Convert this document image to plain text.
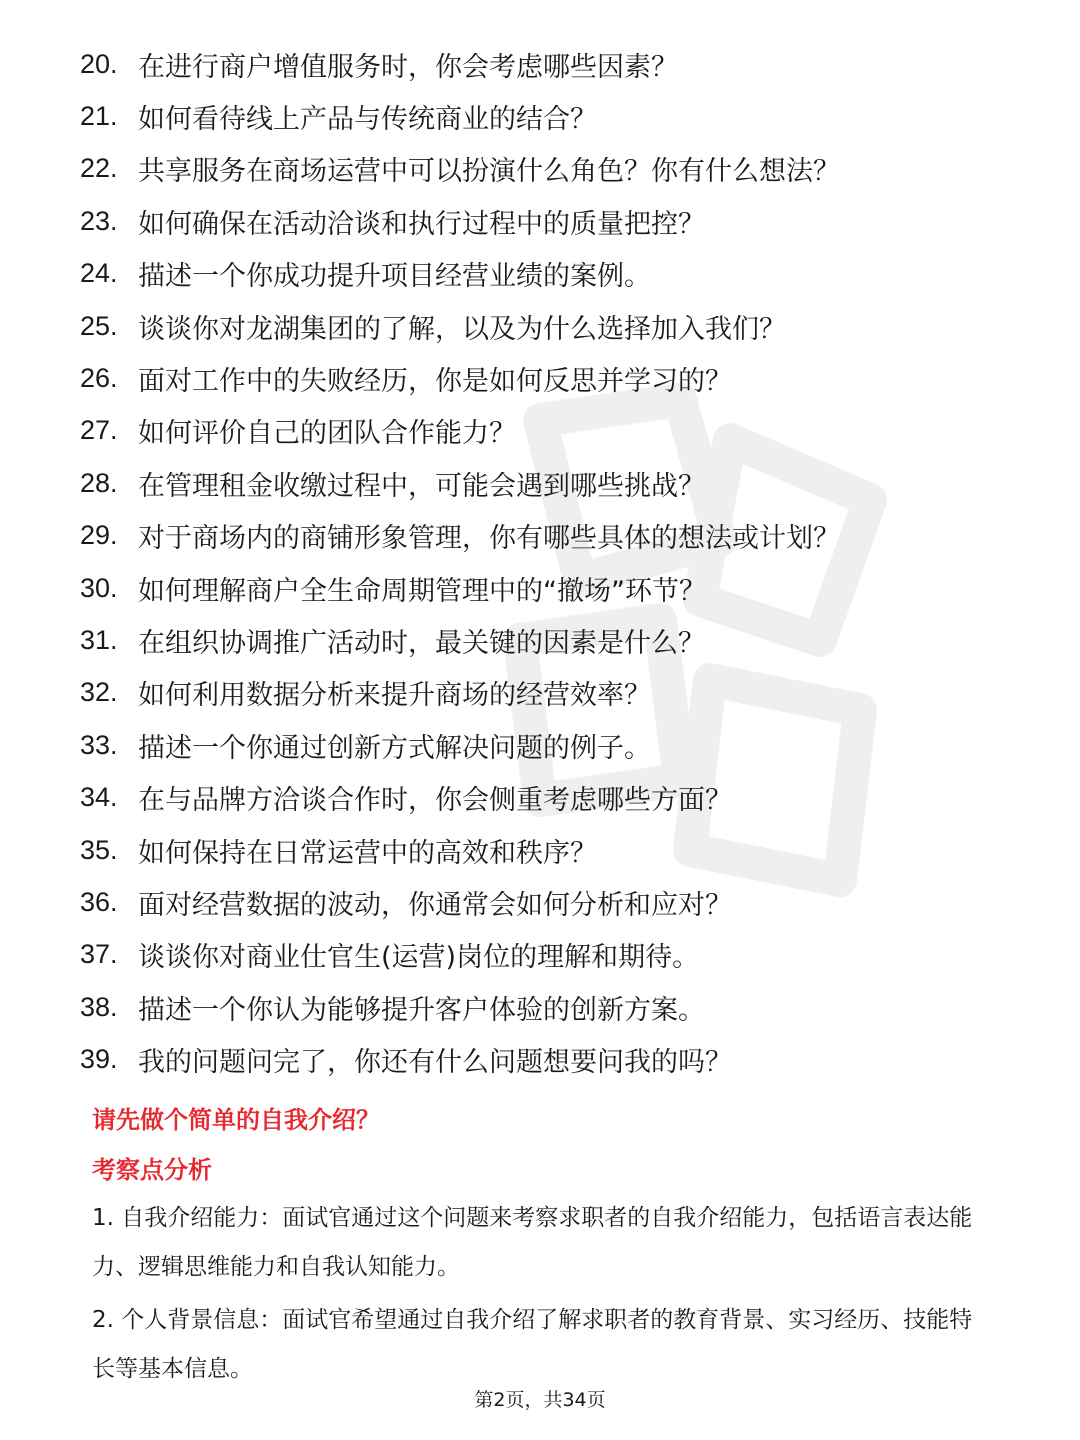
20. 在进行商户增值服务时，你会考虑哪些因素？
21. 如何看待线上产品与传统商业的结合？
22. 共享服务在商场运营中可以扮演什么角色？你有什么想法？
23. 如何确保在活动洽谈和执行过程中的质量把控？
24. 描述一个你成功提升项目经营业绩的案例。
25. 谈谈你对龙湖集团的了解，以及为什么选择加入我们？
26. 面对工作中的失败经历，你是如何反思并学习的？
27. 如何评价自己的团队合作能力？
28. 在管理租金收缴过程中，可能会遇到哪些挑战？
29. 对于商场内的商铺形象管理，你有哪些具体的想法或计划？
30. 如何理解商户全生命周期管理中的“撤场”环节？
31. 在组织协调推广活动时，最关键的因素是什么？
32. 如何利用数据分析来提升商场的经营效率？
33. 描述一个你通过创新方式解决问题的例子。
34. 在与品牌方洽谈合作时，你会侧重考虑哪些方面？
35. 如何保持在日常运营中的高效和秩序？
36. 面对经营数据的波动，你通常会如何分析和应对？
37. 谈谈你对商业仕官生(运营)岗位的理解和期待。
38. 描述一个你认为能够提升客户体验的创新方案。
39. 我的问题问完了，你还有什么问题想要问我的吗？
请先做个简单的自我介绍？
考察点分析

1. 自我介绍能力：面试官通过这个问题来考察求职者的自我介绍能力，包括语言表达能力、逻辑思维能力和自我认知能力。

2. 个人背景信息：面试官希望通过自我介绍了解求职者的教育背景、实习经历、技能特长等基本信息。

第2页，共34页
